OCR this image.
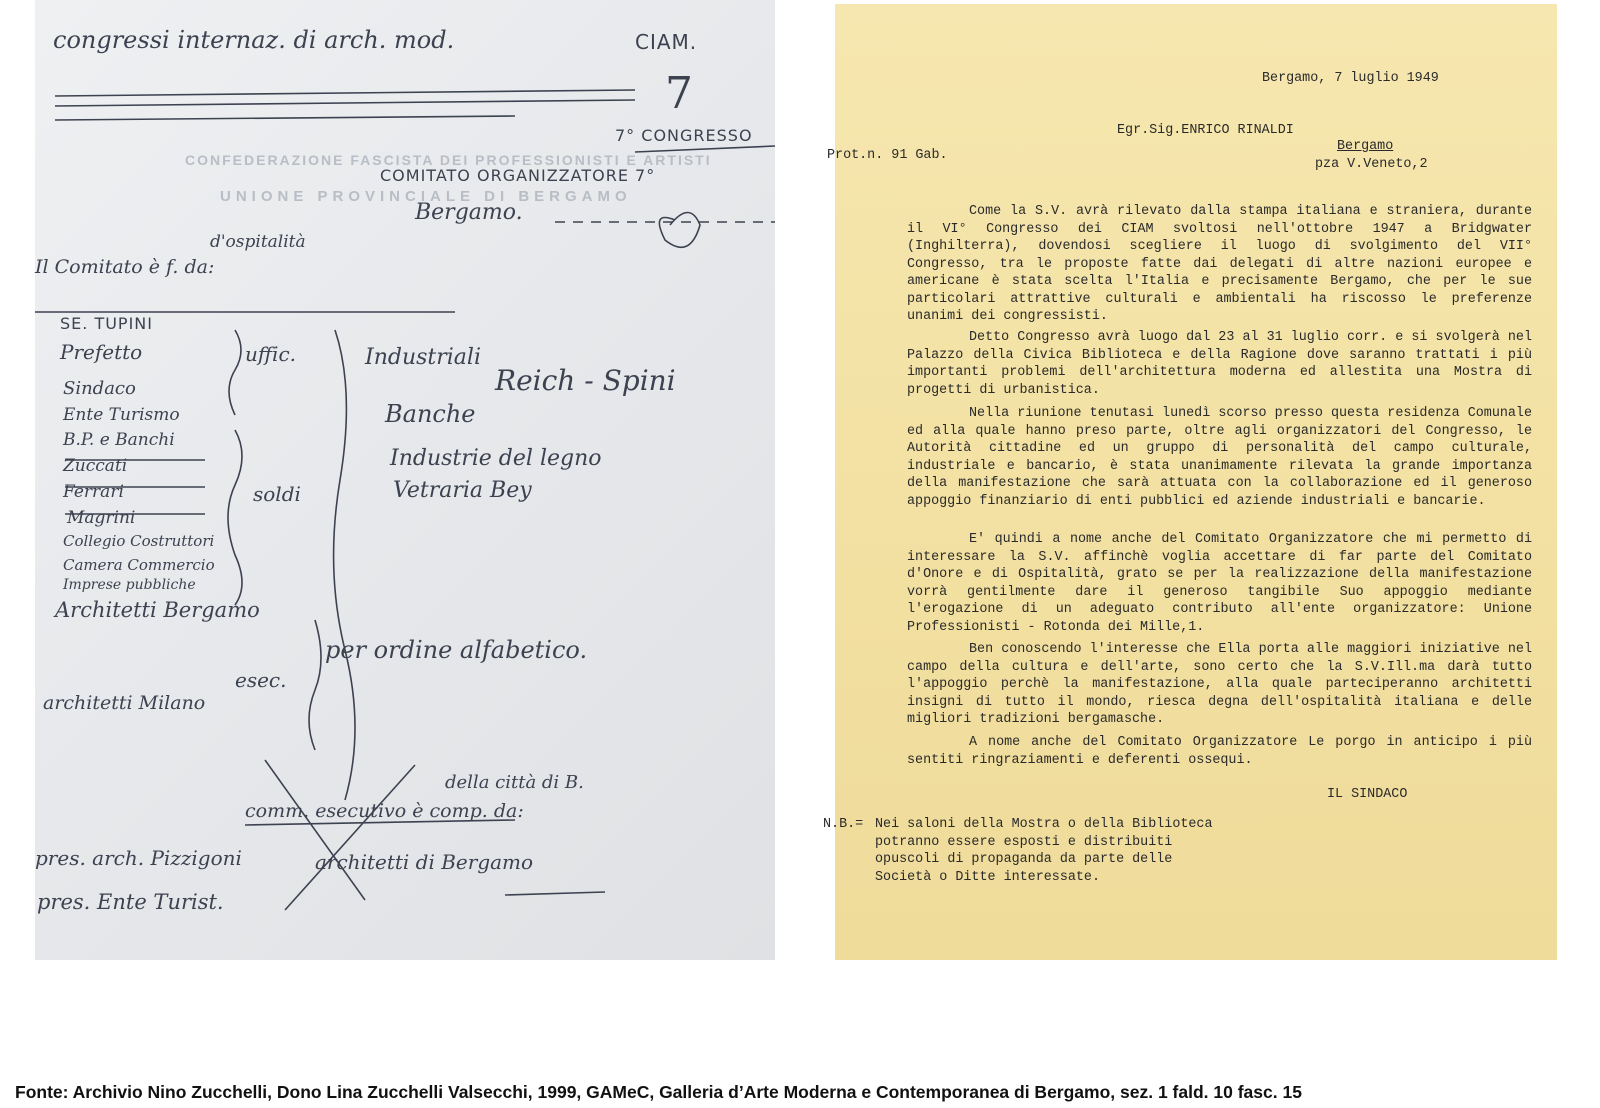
CONFEDERAZIONE FASCISTA DEI PROFESSIONISTI E ARTISTI
UNIONE PROVINCIALE DI BERGAMO
congressi internaz. di arch. mod.	CIAM.
7
7° CONGRESSO
COMITATO ORGANIZZATORE 7°
Bergamo.
d'ospitalità
Il Comitato è f. da:
SE. TUPINI
Prefetto	uffic.
Sindaco
Ente Turismo
B.P. e Banchi
Zuccati
Ferrari
Magrini
Collegio Costruttori
Camera Commercio
Imprese pubbliche
soldi
Architetti Bergamo
esec.
architetti Milano
Industriali
Reich - Spini
Banche
Industrie del legno
Vetraria Bey
per ordine alfabetico.
della città di B.
comm. esecutivo è comp. da:
pres. arch. Pizzigoni	architetti di Bergamo
pres. Ente Turist.
Bergamo, 7 luglio 1949
Egr.Sig.ENRICO RINALDI
Prot.n. 91 Gab.
Bergamo
pza V.Veneto,2
Come la S.V. avrà rilevato dalla stampa italiana e straniera, durante il VI° Congresso dei CIAM svoltosi nell'ottobre 1947 a Bridgwater (Inghilterra), dovendosi scegliere il luogo di svolgimento del VII° Congresso, tra le proposte fatte dai delegati di altre nazioni europee e americane è stata scelta l'Italia e precisamente Bergamo, che per le sue particolari attrattive culturali e ambientali ha riscosso le preferenze unanimi dei congressisti.
Detto Congresso avrà luogo dal 23 al 31 luglio corr. e si svolgerà nel Palazzo della Civica Biblioteca e della Ragione dove saranno trattati i più importanti problemi dell'architettura moderna ed allestita una Mostra di progetti di urbanistica.
Nella riunione tenutasi lunedì scorso presso questa residenza Comunale ed alla quale hanno preso parte, oltre agli organizzatori del Congresso, le Autorità cittadine ed un gruppo di personalità del campo culturale, industriale e bancario, è stata unanimamente rilevata la grande importanza della manifestazione che sarà attuata con la collaborazione ed il generoso appoggio finanziario di enti pubblici ed aziende industriali e bancarie.
E' quindi a nome anche del Comitato Organizzatore che mi permetto di interessare la S.V. affinchè voglia accettare di far parte del Comitato d'Onore e di Ospitalità, grato se per la realizzazione della manifestazione vorrà gentilmente dare il generoso tangibile Suo appoggio mediante l'erogazione di un adeguato contributo all'ente organizzatore: Unione Professionisti - Rotonda dei Mille,1.
Ben conoscendo l'interesse che Ella porta alle maggiori iniziative nel campo della cultura e dell'arte, sono certo che la S.V.Ill.ma darà tutto l'appoggio perchè la manifestazione, alla quale parteciperanno architetti insigni di tutto il mondo, riesca degna dell'ospitalità italiana e delle migliori tradizioni bergamasche.
A nome anche del Comitato Organizzatore Le porgo in anticipo i più sentiti ringraziamenti e deferenti ossequi.
IL SINDACO
N.B.= Nei saloni della Mostra o della Biblioteca potranno essere esposti e distribuiti opuscoli di propaganda da parte delle Società o Ditte interessate.
Fonte: Archivio Nino Zucchelli, Dono Lina Zucchelli Valsecchi, 1999, GAMeC, Galleria d’Arte Moderna e Contemporanea di Bergamo, sez. 1 fald. 10 fasc. 15
